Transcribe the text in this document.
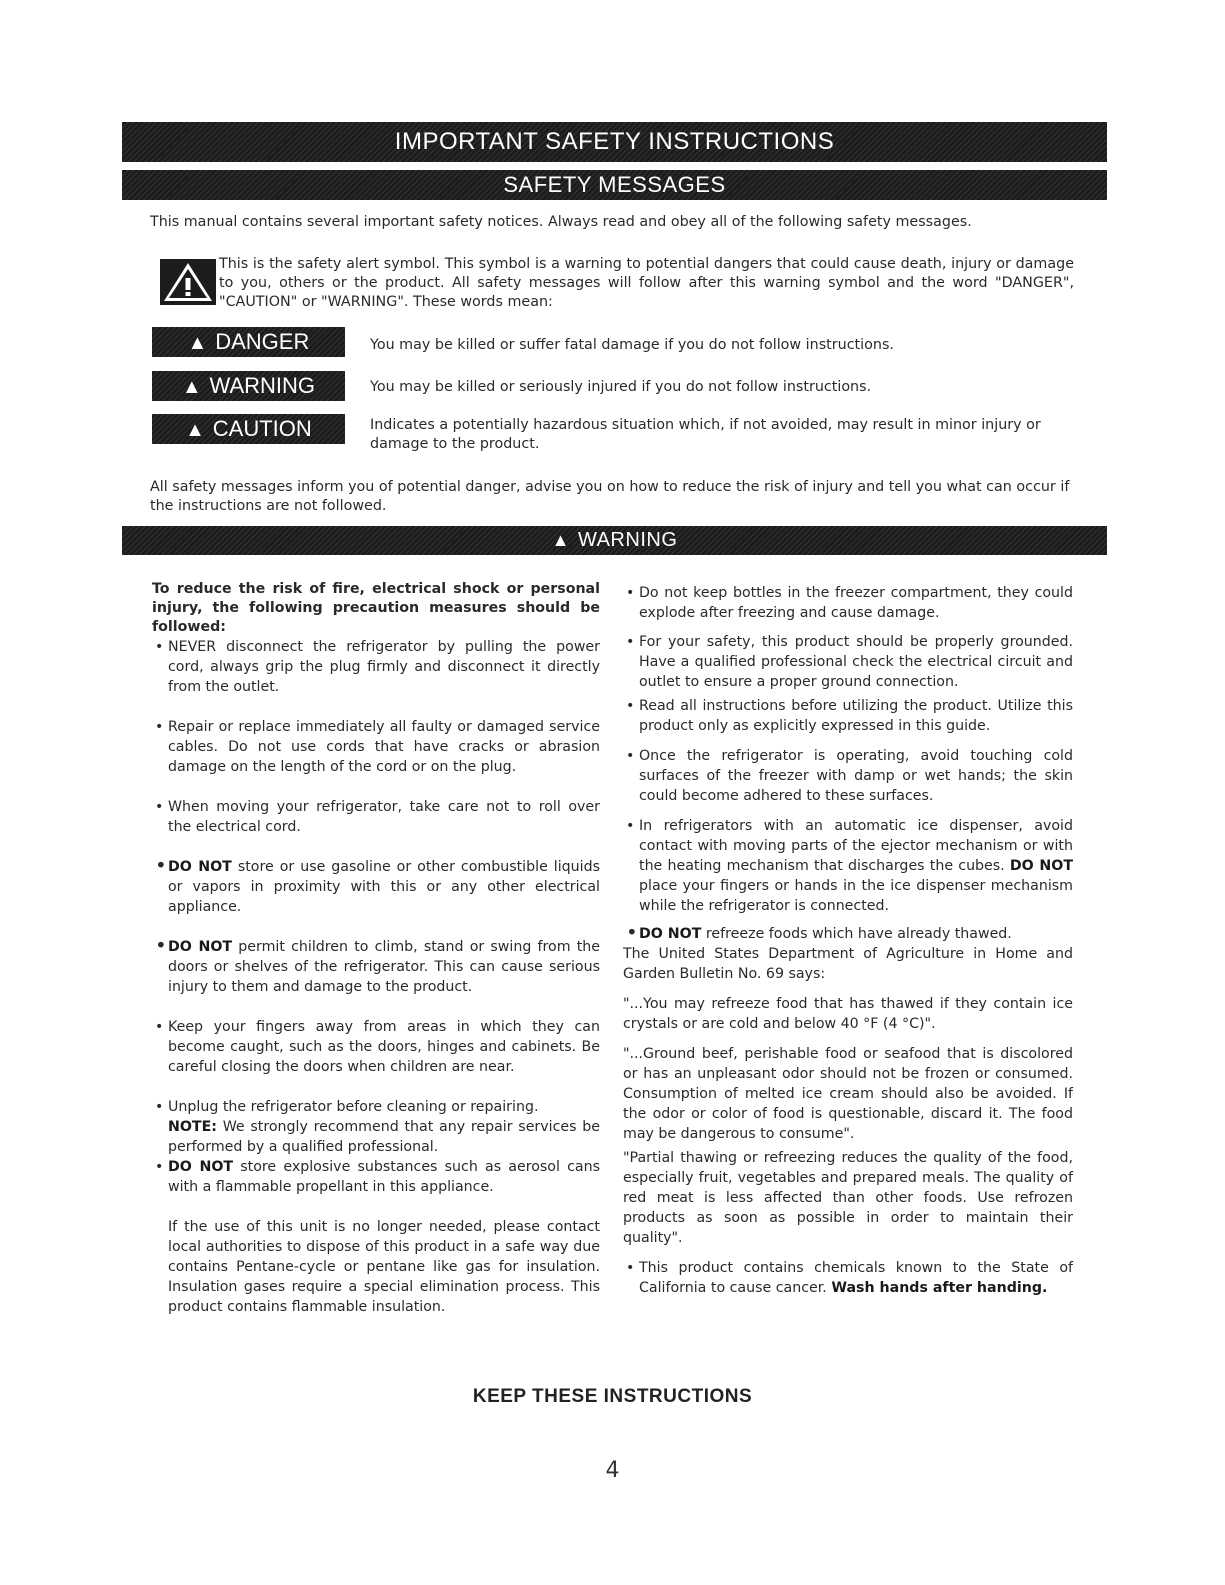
IMPORTANT SAFETY INSTRUCTIONS
SAFETY MESSAGES
This manual contains several important safety notices. Always read and obey all of the following safety messages.
This is the safety alert symbol. This symbol is a warning to potential dangers that could cause death, injury or damage to you, others or the product. All safety messages will follow after this warning symbol and the word "DANGER", "CAUTION" or "WARNING". These words mean:
▲ DANGER	You may be killed or suffer fatal damage if you do not follow instructions.
▲ WARNING	You may be killed or seriously injured if you do not follow instructions.
▲ CAUTION	Indicates a potentially hazardous situation which, if not avoided, may result in minor injury or damage to the product.
All safety messages inform you of potential danger, advise you on how to reduce the risk of injury and tell you what can occur if the instructions are not followed.
▲ WARNING

To reduce the risk of fire, electrical shock or personal injury, the following precaution measures should be followed:

• NEVER disconnect the refrigerator by pulling the power cord, always grip the plug firmly and disconnect it directly from the outlet.

• Repair or replace immediately all faulty or damaged service cables. Do not use cords that have cracks or abrasion damage on the length of the cord or on the plug.

• When moving your refrigerator, take care not to roll over the electrical cord.

• DO NOT store or use gasoline or other combustible liquids or vapors in proximity with this or any other electrical appliance.

• DO NOT permit children to climb, stand or swing from the doors or shelves of the refrigerator. This can cause serious injury to them and damage to the product.

• Keep your fingers away from areas in which they can become caught, such as the doors, hinges and cabinets. Be careful closing the doors when children are near.

• Unplug the refrigerator before cleaning or repairing.
NOTE: We strongly recommend that any repair services be performed by a qualified professional.

• DO NOT store explosive substances such as aerosol cans with a flammable propellant in this appliance.

If the use of this unit is no longer needed, please contact local authorities to dispose of this product in a safe way due contains Pentane-cycle or pentane like gas for insulation. Insulation gases require a special elimination process. This product contains flammable insulation.

• Do not keep bottles in the freezer compartment, they could explode after freezing and cause damage.

• For your safety, this product should be properly grounded. Have a qualified professional check the electrical circuit and outlet to ensure a proper ground connection.

• Read all instructions before utilizing the product. Utilize this product only as explicitly expressed in this guide.

• Once the refrigerator is operating, avoid touching cold surfaces of the freezer with damp or wet hands; the skin could become adhered to these surfaces.

• In refrigerators with an automatic ice dispenser, avoid contact with moving parts of the ejector mechanism or with the heating mechanism that discharges the cubes. DO NOT place your fingers or hands in the ice dispenser mechanism while the refrigerator is connected.

• DO NOT refreeze foods which have already thawed.

The United States Department of Agriculture in Home and Garden Bulletin No. 69 says:

"...You may refreeze food that has thawed if they contain ice crystals or are cold and below 40 °F (4 °C)".

"...Ground beef, perishable food or seafood that is discolored or has an unpleasant odor should not be frozen or consumed. Consumption of melted ice cream should also be avoided. If the odor or color of food is questionable, discard it. The food may be dangerous to consume".

"Partial thawing or refreezing reduces the quality of the food, especially fruit, vegetables and prepared meals. The quality of red meat is less affected than other foods. Use refrozen products as soon as possible in order to maintain their quality".

• This product contains chemicals known to the State of California to cause cancer. Wash hands after handing.

KEEP THESE INSTRUCTIONS
4
